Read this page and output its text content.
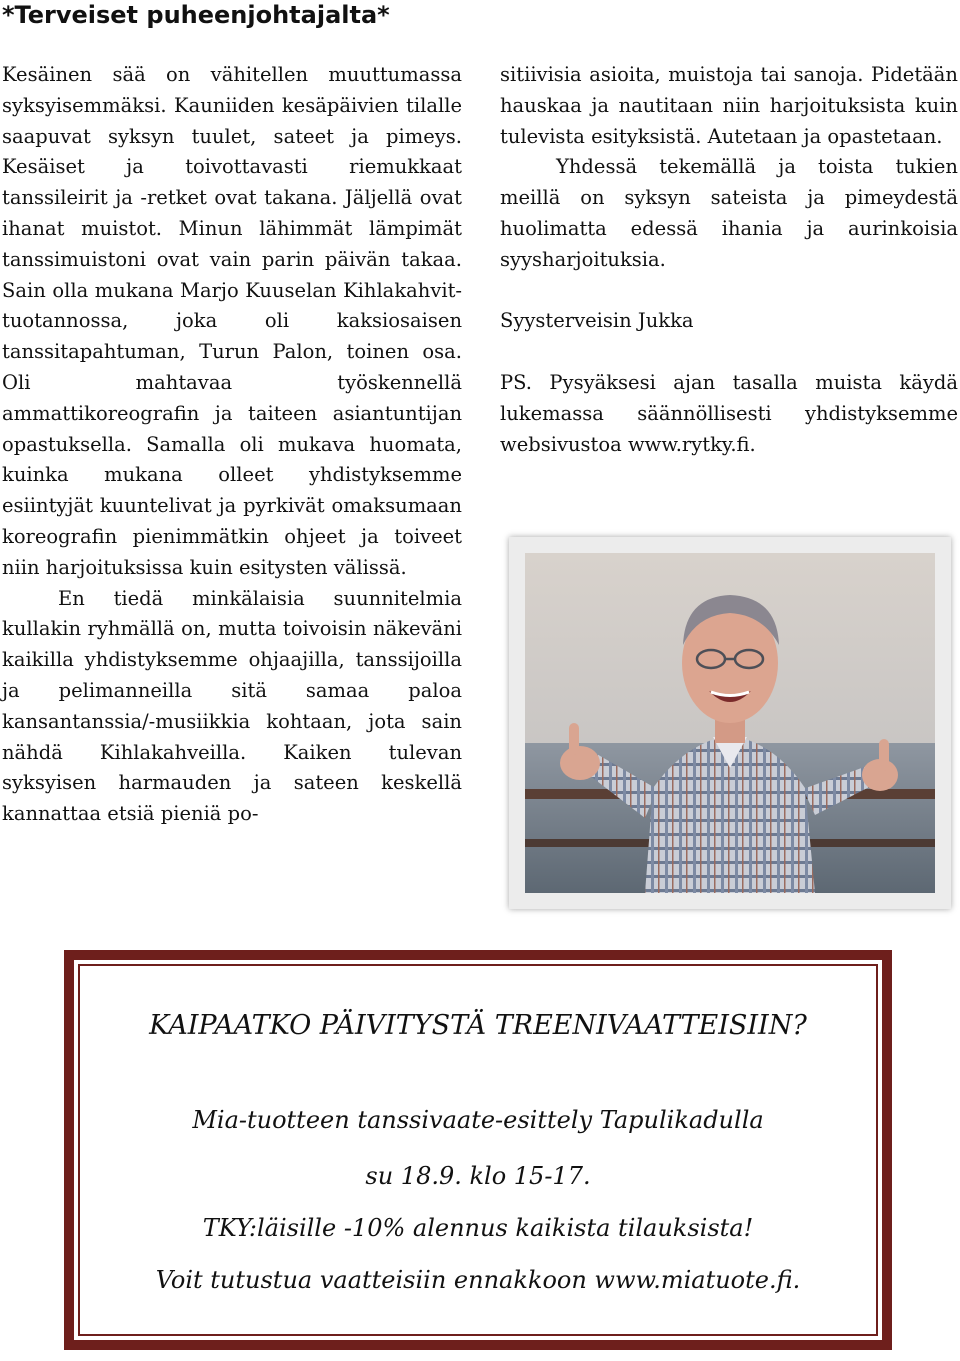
*Terveiset puheenjohtajalta*

Kesäinen sää on vähitellen muuttumassa syksyisemmäksi. Kauniiden kesäpäivien tilalle saapuvat syksyn tuulet, sateet ja pimeys. Kesäiset ja toivottavasti riemukkaat tanssileirit ja -retket ovat takana. Jäljellä ovat ihanat muistot. Minun lähimmät lämpimät tanssimuistoni ovat vain parin päivän takaa. Sain olla mukana Marjo Kuuselan Kihlakahvit-tuotannossa, joka oli kaksiosaisen tanssitapahtuman, Turun Palon, toinen osa. Oli mahtavaa työskennellä ammattikoreografin ja taiteen asiantuntijan opastuksella. Samalla oli mukava huomata, kuinka mukana olleet yhdistyksemme esiintyjät kuuntelivat ja pyrkivät omaksumaan koreografin pienimmätkin ohjeet ja toiveet niin harjoituksissa kuin esitysten välissä.

En tiedä minkälaisia suunnitelmia kullakin ryhmällä on, mutta toivoisin näkeväni kaikilla yhdistyksemme ohjaajilla, tanssijoilla ja pelimanneilla sitä samaa paloa kansantanssia/-musiikkia kohtaan, jota sain nähdä Kihlakahveilla. Kaiken tulevan syksyisen harmauden ja sateen keskellä kannattaa etsiä pieniä po-

sitiivisia asioita, muistoja tai sanoja. Pidetään hauskaa ja nautitaan niin harjoituksista kuin tulevista esityksistä. Autetaan ja opastetaan.

Yhdessä tekemällä ja toista tukien meillä on syksyn sateista ja pimeydestä huolimatta edessä ihania ja aurinkoisia syysharjoituksia.

Syysterveisin Jukka

PS. Pysyäksesi ajan tasalla muista käydä lukemassa säännöllisesti yhdistyksemme websivustoa www.rytky.fi.

KAIPAATKO PÄIVITYSTÄ TREENIVAATTEISIIN?

Mia-tuotteen tanssivaate-esittely Tapulikadulla

su 18.9. klo 15-17.

TKY:läisille -10% alennus kaikista tilauksista!

Voit tutustua vaatteisiin ennakkoon www.miatuote.fi.
